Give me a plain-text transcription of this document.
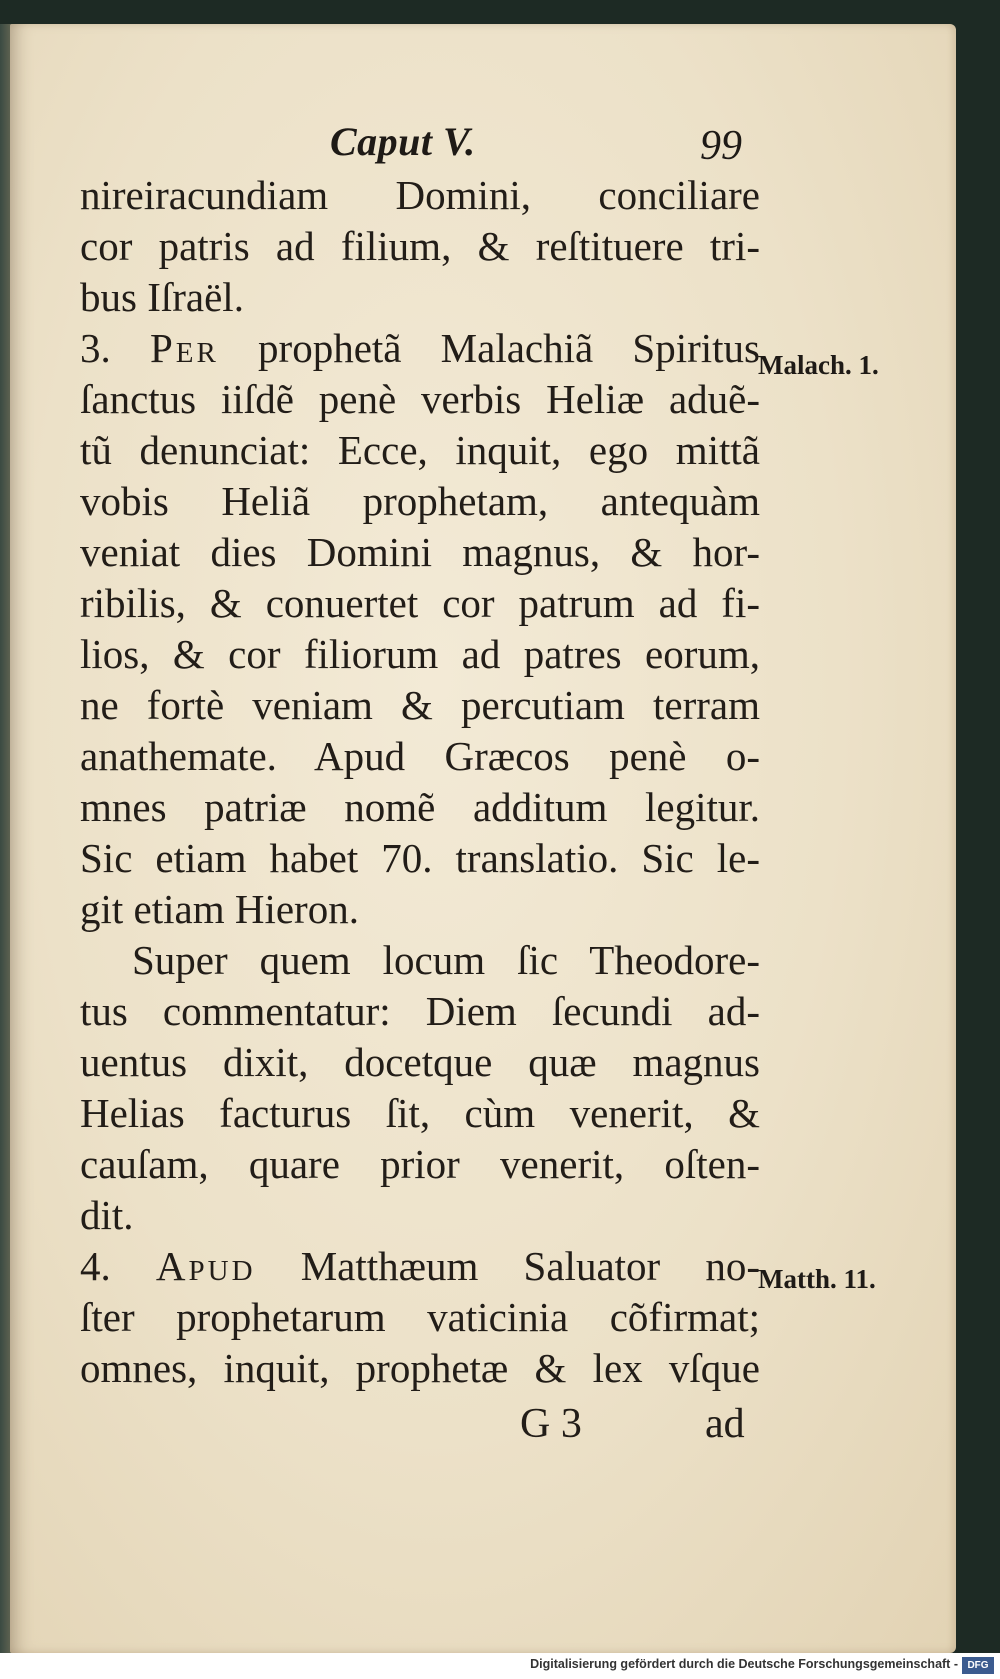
Caput V.	99
nireiracundiam Domini, conciliare
cor patris ad filium, & reſtituere tri-
bus Iſraël.
3. Per prophetã Malachiã Spiritus
ſanctus iiſdẽ penè verbis Heliæ aduẽ-
tũ denunciat: Ecce, inquit, ego mittã
vobis Heliã prophetam, antequàm
veniat dies Domini magnus, & hor-
ribilis, & conuertet cor patrum ad fi-
lios, & cor filiorum ad patres eorum,
ne fortè veniam & percutiam terram
anathemate. Apud Græcos penè o-
mnes patriæ nomẽ additum legitur.
Sic etiam habet 70. translatio. Sic le-
git etiam Hieron.
Super quem locum ſic Theodore-
tus commentatur: Diem ſecundi ad-
uentus dixit, docetque quæ magnus
Helias facturus ſit, cùm venerit, &
cauſam, quare prior venerit, oſten-
dit.
4. Apud Matthæum Saluator no-
ſter prophetarum vaticinia cõfirmat;
omnes, inquit, prophetæ & lex vſque
Malach. 1.
Matth. 11.
G 3	ad
Digitalisierung gefördert durch die Deutsche Forschungsgemeinschaft - DFG
